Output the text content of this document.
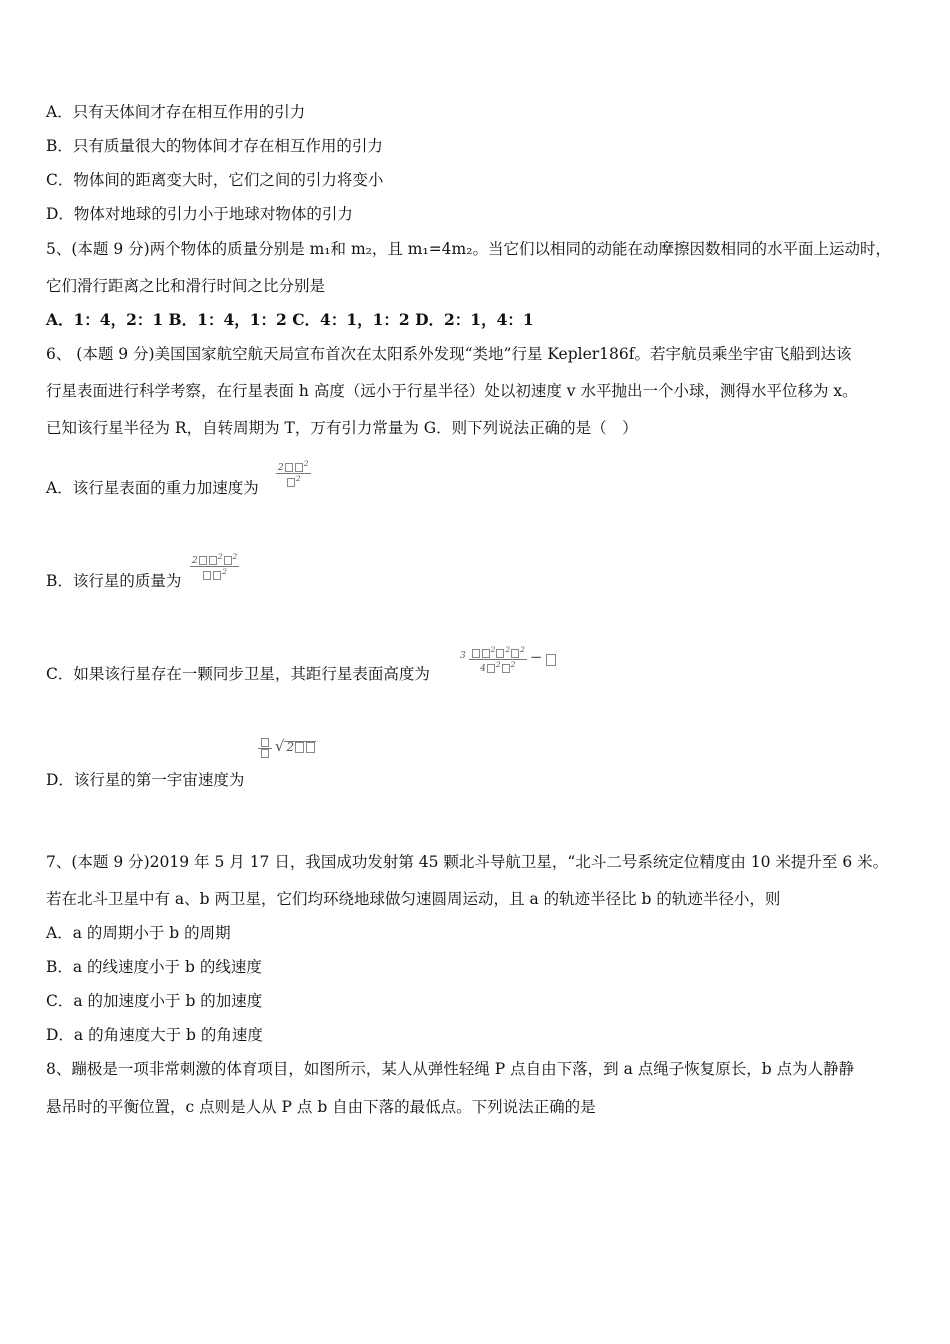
A．只有天体间才存在相互作用的引力
B．只有质量很大的物体间才存在相互作用的引力
C．物体间的距离变大时，它们之间的引力将变小
D．物体对地球的引力小于地球对物体的引力
5、(本题 9 分)两个物体的质量分别是 m₁和 m₂，且 m₁=4m₂。当它们以相同的动能在动摩擦因数相同的水平面上运动时，
它们滑行距离之比和滑行时间之比分别是
A．1：4，2：1 B．1：4，1：2 C．4：1，1：2 D．2：1，4：1
6、 (本题 9 分)美国国家航空航天局宣布首次在太阳系外发现“类地”行星 Kepler186f。若宇航员乘坐宇宙飞船到达该
行星表面进行科学考察，在行星表面 h 高度（远小于行星半径）处以初速度 v 水平抛出一个小球，测得水平位移为 x。
已知该行星半径为 R，自转周期为 T，万有引力常量为 G．则下列说法正确的是（　）
A．该行星表面的重力加速度为	2	$^2$
$^2$
B．该行星的质量为 2	$^2$ $^2$
$^2$
C．如果该行星存在一颗同步卫星，其距行星表面高度为
$^3 \frac{^2 ^2 ^2}{4 ^2 ^2}$ −
D．该行星的第一宇宙速度为
√ 2
7、(本题 9 分)2019 年 5 月 17 日，我国成功发射第 45 颗北斗导航卫星，“北斗二号系统定位精度由 10 米提升至 6 米。
若在北斗卫星中有 a、b 两卫星，它们均环绕地球做匀速圆周运动，且 a 的轨迹半径比 b 的轨迹半径小，则
A．a 的周期小于 b 的周期
B．a 的线速度小于 b 的线速度
C．a 的加速度小于 b 的加速度
D．a 的角速度大于 b 的角速度
8、蹦极是一项非常刺激的体育项目，如图所示，某人从弹性轻绳 P 点自由下落，到 a 点绳子恢复原长，b 点为人静静
悬吊时的平衡位置，c 点则是人从 P 点 b 自由下落的最低点。下列说法正确的是
